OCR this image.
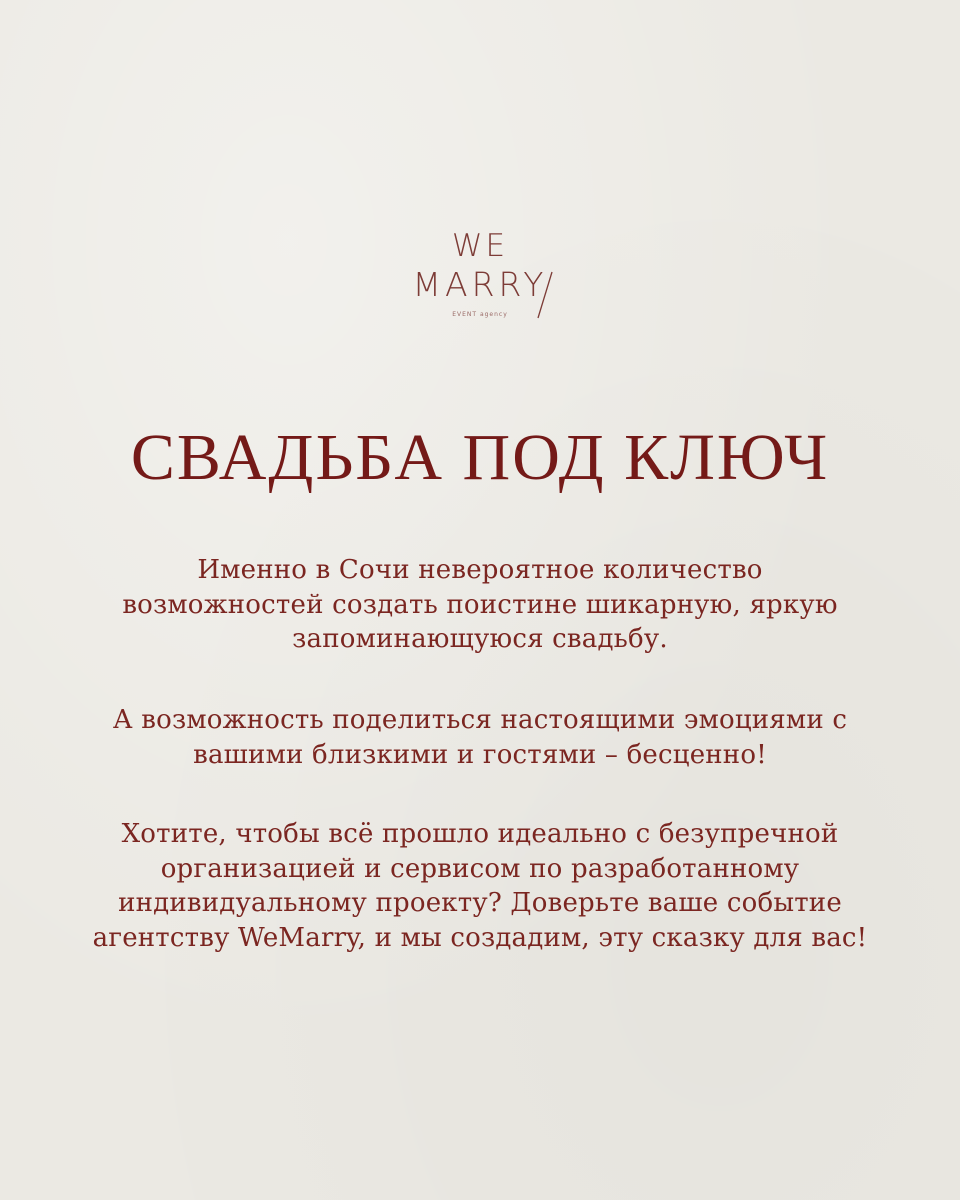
WE
MARRY
EVENT agency
СВАДЬБА ПОД КЛЮЧ

Именно в Сочи невероятное количество
возможностей создать поистине шикарную, яркую
запоминающуюся свадьбу.

А возможность поделиться настоящими эмоциями с
вашими близкими и гостями – бесценно!

Хотите, чтобы всё прошло идеально с безупречной
организацией и сервисом по разработанному
индивидуальному проекту? Доверьте ваше событие
агентству WeMarry, и мы создадим, эту сказку для вас!
